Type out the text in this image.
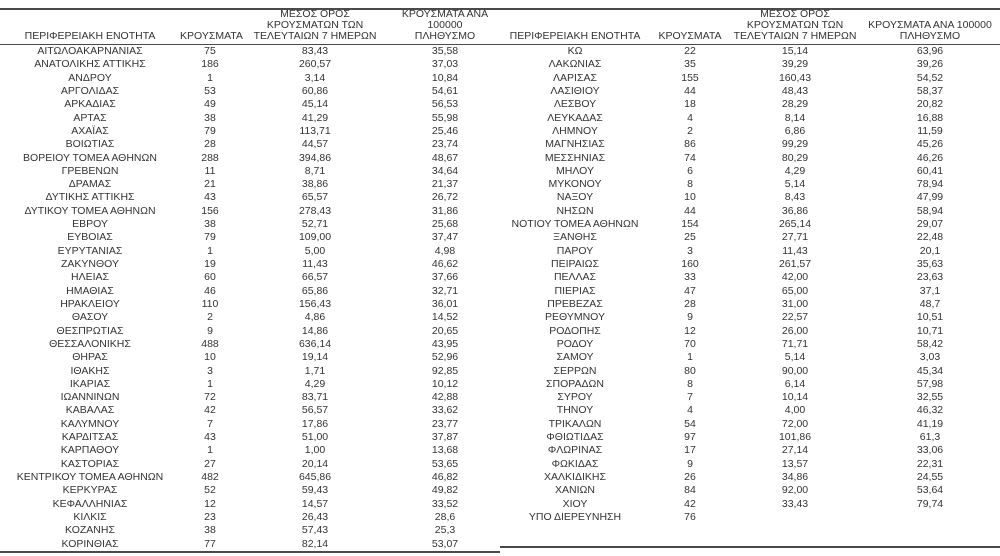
ΠΕΡΙΦΕΡΕΙΑΚΗ ΕΝΟΤΗΤΑ	ΚΡΟΥΣΜΑΤΑ
ΜΕΣΟΣ ΟΡΟΣ
ΚΡΟΥΣΜΑΤΩΝ ΤΩΝ
ΤΕΛΕΥΤΑΙΩΝ 7 ΗΜΕΡΩΝ
ΚΡΟΥΣΜΑΤΑ ΑΝΑ 100000
ΠΛΗΘΥΣΜΟ
ΑΙΤΩΛΟΑΚΑΡΝΑΝΙΑΣ	75	83,43	35,58
ΑΝΑΤΟΛΙΚΗΣ ΑΤΤΙΚΗΣ	186	260,57	37,03
ΑΝΔΡΟΥ	1	3,14	10,84
ΑΡΓΟΛΙΔΑΣ	53	60,86	54,61
ΑΡΚΑΔΙΑΣ	49	45,14	56,53
ΑΡΤΑΣ	38	41,29	55,98
ΑΧΑΪΑΣ	79	113,71	25,46
ΒΟΙΩΤΙΑΣ	28	44,57	23,74
ΒΟΡΕΙΟΥ ΤΟΜΕΑ ΑΘΗΝΩΝ	288	394,86	48,67
ΓΡΕΒΕΝΩΝ	11	8,71	34,64
ΔΡΑΜΑΣ	21	38,86	21,37
ΔΥΤΙΚΗΣ ΑΤΤΙΚΗΣ	43	65,57	26,72
ΔΥΤΙΚΟΥ ΤΟΜΕΑ ΑΘΗΝΩΝ	156	278,43	31,86
ΕΒΡΟΥ	38	52,71	25,68
ΕΥΒΟΙΑΣ	79	109,00	37,47
ΕΥΡΥΤΑΝΙΑΣ	1	5,00	4,98
ΖΑΚΥΝΘΟΥ	19	11,43	46,62
ΗΛΕΙΑΣ	60	66,57	37,66
ΗΜΑΘΙΑΣ	46	65,86	32,71
ΗΡΑΚΛΕΙΟΥ	110	156,43	36,01
ΘΑΣΟΥ	2	4,86	14,52
ΘΕΣΠΡΩΤΙΑΣ	9	14,86	20,65
ΘΕΣΣΑΛΟΝΙΚΗΣ	488	636,14	43,95
ΘΗΡΑΣ	10	19,14	52,96
ΙΘΑΚΗΣ	3	1,71	92,85
ΙΚΑΡΙΑΣ	1	4,29	10,12
ΙΩΑΝΝΙΝΩΝ	72	83,71	42,88
ΚΑΒΑΛΑΣ	42	56,57	33,62
ΚΑΛΥΜΝΟΥ	7	17,86	23,77
ΚΑΡΔΙΤΣΑΣ	43	51,00	37,87
ΚΑΡΠΑΘΟΥ	1	1,00	13,68
ΚΑΣΤΟΡΙΑΣ	27	20,14	53,65
ΚΕΝΤΡΙΚΟΥ ΤΟΜΕΑ ΑΘΗΝΩΝ	482	645,86	46,82
ΚΕΡΚΥΡΑΣ	52	59,43	49,82
ΚΕΦΑΛΛΗΝΙΑΣ	12	14,57	33,52
ΚΙΛΚΙΣ	23	26,43	28,6
ΚΟΖΑΝΗΣ	38	57,43	25,3
ΚΟΡΙΝΘΙΑΣ	77	82,14	53,07
ΠΕΡΙΦΕΡΕΙΑΚΗ ΕΝΟΤΗΤΑ	ΚΡΟΥΣΜΑΤΑ
ΜΕΣΟΣ ΟΡΟΣ
ΚΡΟΥΣΜΑΤΩΝ ΤΩΝ
ΤΕΛΕΥΤΑΙΩΝ 7 ΗΜΕΡΩΝ
ΚΡΟΥΣΜΑΤΑ ΑΝΑ 100000
ΠΛΗΘΥΣΜΟ
ΚΩ	22	15,14	63,96
ΛΑΚΩΝΙΑΣ	35	39,29	39,26
ΛΑΡΙΣΑΣ	155	160,43	54,52
ΛΑΣΙΘΙΟΥ	44	48,43	58,37
ΛΕΣΒΟΥ	18	28,29	20,82
ΛΕΥΚΑΔΑΣ	4	8,14	16,88
ΛΗΜΝΟΥ	2	6,86	11,59
ΜΑΓΝΗΣΙΑΣ	86	99,29	45,26
ΜΕΣΣΗΝΙΑΣ	74	80,29	46,26
ΜΗΛΟΥ	6	4,29	60,41
ΜΥΚΟΝΟΥ	8	5,14	78,94
ΝΑΞΟΥ	10	8,43	47,99
ΝΗΣΩΝ	44	36,86	58,94
ΝΟΤΙΟΥ ΤΟΜΕΑ ΑΘΗΝΩΝ	154	265,14	29,07
ΞΑΝΘΗΣ	25	27,71	22,48
ΠΑΡΟΥ	3	11,43	20,1
ΠΕΙΡΑΙΩΣ	160	261,57	35,63
ΠΕΛΛΑΣ	33	42,00	23,63
ΠΙΕΡΙΑΣ	47	65,00	37,1
ΠΡΕΒΕΖΑΣ	28	31,00	48,7
ΡΕΘΥΜΝΟΥ	9	22,57	10,51
ΡΟΔΟΠΗΣ	12	26,00	10,71
ΡΟΔΟΥ	70	71,71	58,42
ΣΑΜΟΥ	1	5,14	3,03
ΣΕΡΡΩΝ	80	90,00	45,34
ΣΠΟΡΑΔΩΝ	8	6,14	57,98
ΣΥΡΟΥ	7	10,14	32,55
ΤΗΝΟΥ	4	4,00	46,32
ΤΡΙΚΑΛΩΝ	54	72,00	41,19
ΦΘΙΩΤΙΔΑΣ	97	101,86	61,3
ΦΛΩΡΙΝΑΣ	17	27,14	33,06
ΦΩΚΙΔΑΣ	9	13,57	22,31
ΧΑΛΚΙΔΙΚΗΣ	26	34,86	24,55
ΧΑΝΙΩΝ	84	92,00	53,64
ΧΙΟΥ	42	33,43	79,74
ΥΠΟ ΔΙΕΡΕΥΝΗΣΗ	76
